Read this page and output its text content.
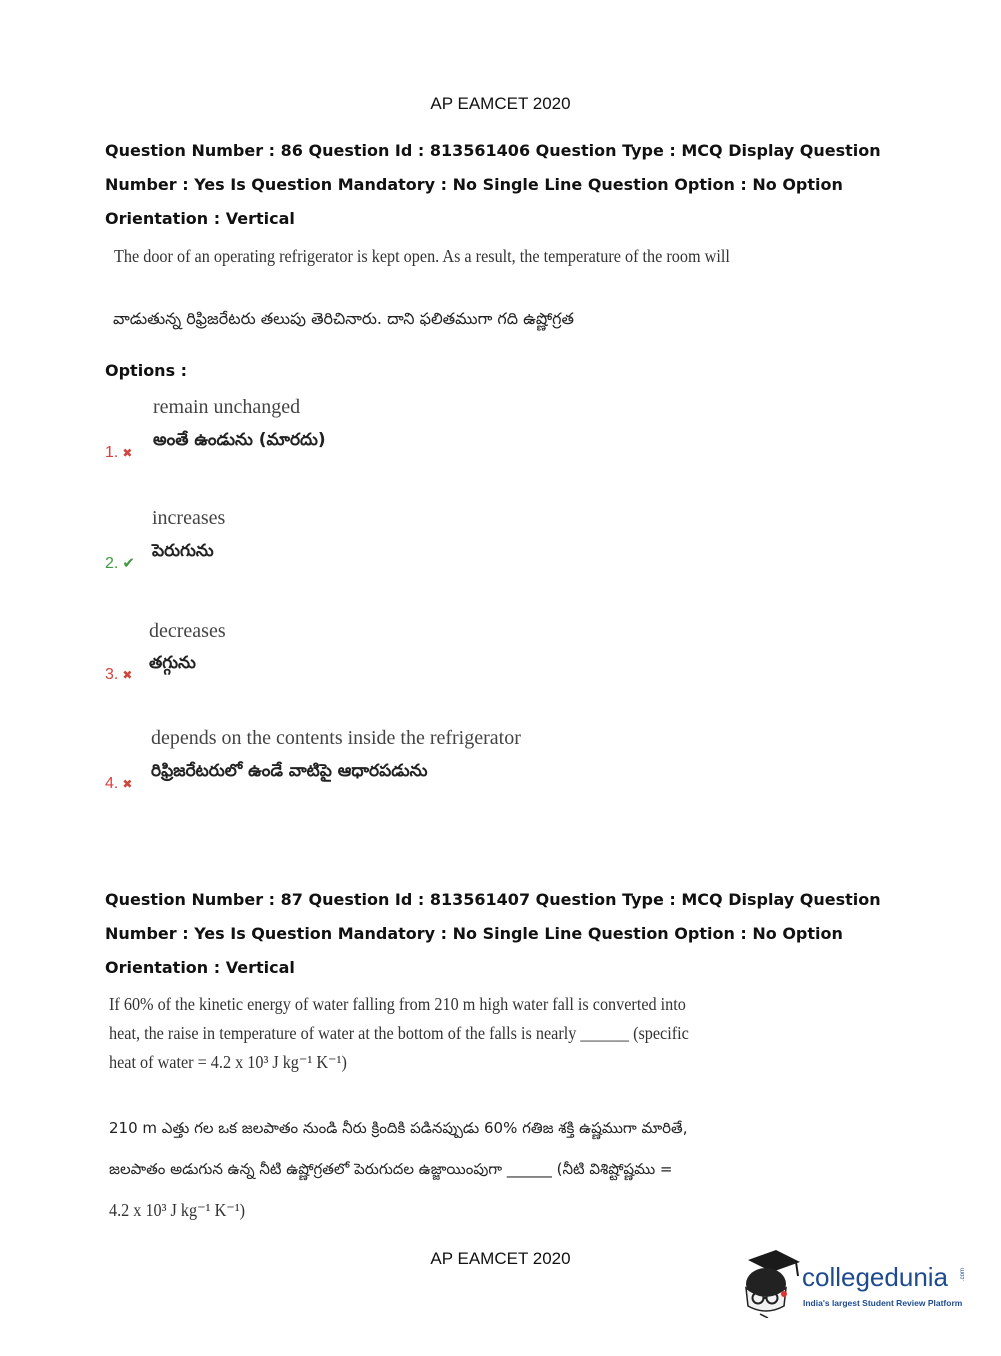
AP EAMCET 2020
Question Number : 86 Question Id : 813561406 Question Type : MCQ Display Question
Number : Yes Is Question Mandatory : No Single Line Question Option : No Option
Orientation : Vertical
The door of an operating refrigerator is kept open. As a result, the temperature of the room will
వాడుతున్న రిఫ్రిజరేటరు తలుపు తెరిచినారు. దాని ఫలితముగా గది ఉష్ణోగ్రత
Options :
remain unchanged
అంతే ఉండును (మారదు)
1. ✖
increases
పెరుగును
2. ✔
decreases
తగ్గును
3. ✖
depends on the contents inside the refrigerator
రిఫ్రిజరేటరులో ఉండే వాటిపై ఆధారపడును
4. ✖
Question Number : 87 Question Id : 813561407 Question Type : MCQ Display Question
Number : Yes Is Question Mandatory : No Single Line Question Option : No Option
Orientation : Vertical
If 60% of the kinetic energy of water falling from 210 m high water fall is converted into
heat, the raise in temperature of water at the bottom of the falls is nearly ______ (specific
heat of water = 4.2 x 10³ J kg⁻¹ K⁻¹)
210 m ఎత్తు గల ఒక జలపాతం నుండి నీరు క్రిందికి పడినప్పుడు 60% గతిజ శక్తి ఉష్ణముగా మారితే,
జలపాతం అడుగున ఉన్న నీటి ఉష్ణోగ్రతలో పెరుగుదల ఉజ్జాయింపుగా ______ (నీటి విశిష్టోష్ణము =
4.2 x 10³ J kg⁻¹ K⁻¹)
AP EAMCET 2020
collegedunia .com
India's largest Student Review Platform
